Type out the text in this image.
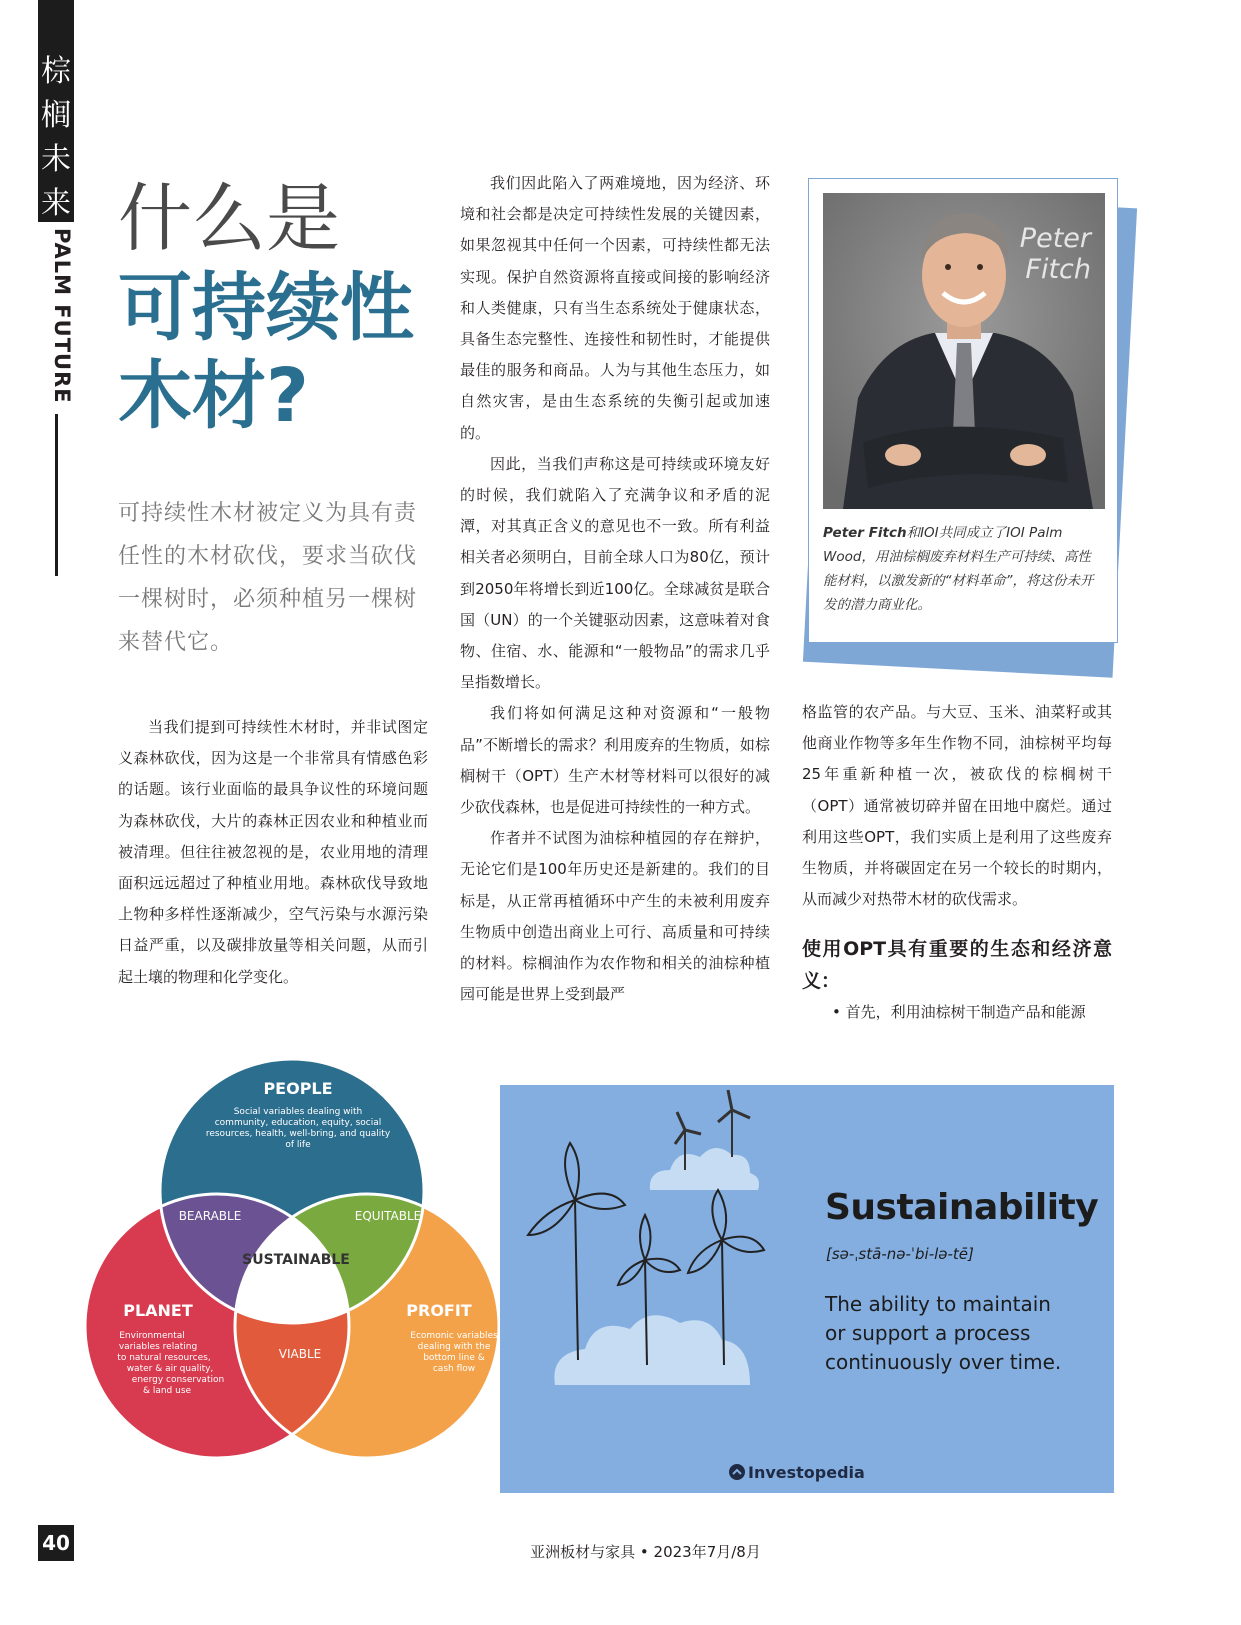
棕
榈
未
来
PALM FUTURE
什么是
可持续性木材?
可持续性木材被定义为具有责任性的木材砍伐，要求当砍伐一棵树时，必须种植另一棵树来替代它。

当我们提到可持续性木材时，并非试图定义森林砍伐，因为这是一个非常具有情感色彩的话题。该行业面临的最具争议性的环境问题为森林砍伐，大片的森林正因农业和种植业而被清理。但往往被忽视的是，农业用地的清理面积远远超过了种植业用地。森林砍伐导致地上物种多样性逐渐减少，空气污染与水源污染日益严重，以及碳排放量等相关问题，从而引起土壤的物理和化学变化。

我们因此陷入了两难境地，因为经济、环境和社会都是决定可持续性发展的关键因素，如果忽视其中任何一个因素，可持续性都无法实现。保护自然资源将直接或间接的影响经济和人类健康，只有当生态系统处于健康状态，具备生态完整性、连接性和韧性时，才能提供最佳的服务和商品。人为与其他生态压力，如自然灾害，是由生态系统的失衡引起或加速的。

因此，当我们声称这是可持续或环境友好的时候，我们就陷入了充满争议和矛盾的泥潭，对其真正含义的意见也不一致。所有利益相关者必须明白，目前全球人口为80亿，预计到2050年将增长到近100亿。全球减贫是联合国（UN）的一个关键驱动因素，这意味着对食物、住宿、水、能源和“一般物品”的需求几乎呈指数增长。

我们将如何满足这种对资源和“一般物品”不断增长的需求？利用废弃的生物质，如棕榈树干（OPT）生产木材等材料可以很好的减少砍伐森林，也是促进可持续性的一种方式。

作者并不试图为油棕种植园的存在辩护，无论它们是100年历史还是新建的。我们的目标是，从正常再植循环中产生的未被利用废弃生物质中创造出商业上可行、高质量和可持续的材料。棕榈油作为农作物和相关的油棕种植园可能是世界上受到最严

格监管的农产品。与大豆、玉米、油菜籽或其他商业作物等多年生作物不同，油棕树平均每25年重新种植一次，被砍伐的棕榈树干（OPT）通常被切碎并留在田地中腐烂。通过利用这些OPT，我们实质上是利用了这些废弃生物质，并将碳固定在另一个较长的时期内，从而减少对热带木材的砍伐需求。

使用OPT具有重要的生态和经济意义：

• 首先，利用油棕树干制造产品和能源

Peter
Fitch
Peter Fitch和IOI共同成立了IOI Palm Wood，用油棕榈废弃材料生产可持续、高性能材料，以激发新的“材料革命”，将这份未开发的潜力商业化。
PEOPLE
Social variables dealing with
community, education, equity, social
resources, health, well-bring, and quality
of life
PLANET
Environmental
variables relating
to natural resources,
water & air quality,
energy conservation
& land use
PROFIT
Ecomonic variables
dealing with the
bottom line &
cash flow
BEARABLE	EQUITABLE
VIABLE
SUSTAINABLE
Sustainability
[sə-ˌstā-nə-ˈbi-lə-tē]
The ability to maintain or support a process continuously over time.
Investopedia
40	亚洲板材与家具 • 2023年7月/8月
